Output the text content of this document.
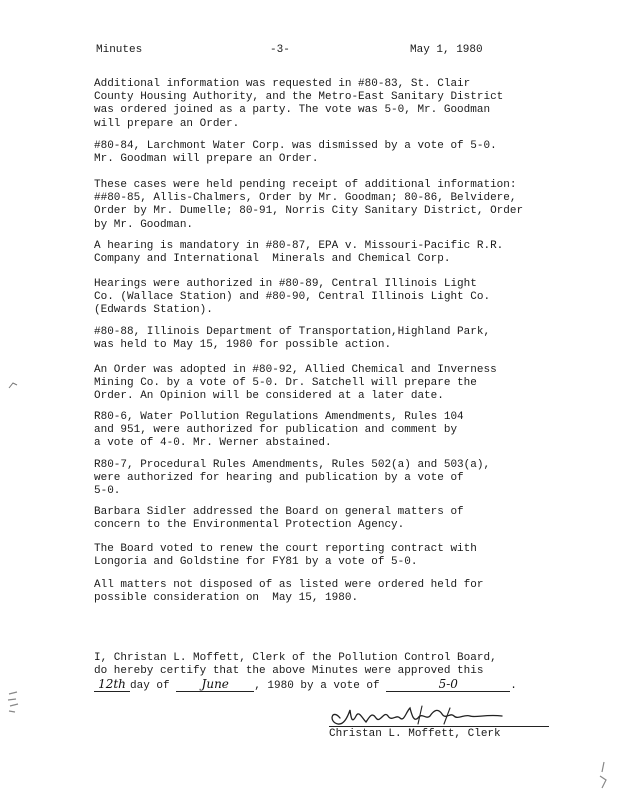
Minutes	-3-	May 1, 1980

Additional information was requested in #80-83, St. Clair
County Housing Authority, and the Metro-East Sanitary District
was ordered joined as a party. The vote was 5-0, Mr. Goodman
will prepare an Order.

#80-84, Larchmont Water Corp. was dismissed by a vote of 5-0.
Mr. Goodman will prepare an Order.

These cases were held pending receipt of additional information:
##80-85, Allis-Chalmers, Order by Mr. Goodman; 80-86, Belvidere,
Order by Mr. Dumelle; 80-91, Norris City Sanitary District, Order
by Mr. Goodman.

A hearing is mandatory in #80-87, EPA v. Missouri-Pacific R.R.
Company and International  Minerals and Chemical Corp.

Hearings were authorized in #80-89, Central Illinois Light
Co. (Wallace Station) and #80-90, Central Illinois Light Co.
(Edwards Station).

#80-88, Illinois Department of Transportation,Highland Park,
was held to May 15, 1980 for possible action.

An Order was adopted in #80-92, Allied Chemical and Inverness
Mining Co. by a vote of 5-0. Dr. Satchell will prepare the
Order. An Opinion will be considered at a later date.

R80-6, Water Pollution Regulations Amendments, Rules 104
and 951, were authorized for publication and comment by
a vote of 4-0. Mr. Werner abstained.

R80-7, Procedural Rules Amendments, Rules 502(a) and 503(a),
were authorized for hearing and publication by a vote of
5-0.

Barbara Sidler addressed the Board on general matters of
concern to the Environmental Protection Agency.

The Board voted to renew the court reporting contract with
Longoria and Goldstine for FY81 by a vote of 5-0.

All matters not disposed of as listed were ordered held for
possible consideration on  May 15, 1980.

I, Christan L. Moffett, Clerk of the Pollution Control Board,
do hereby certify that the above Minutes were approved this
12th day of	June , 1980 by a vote of	5-0	.

Christan L. Moffett, Clerk
